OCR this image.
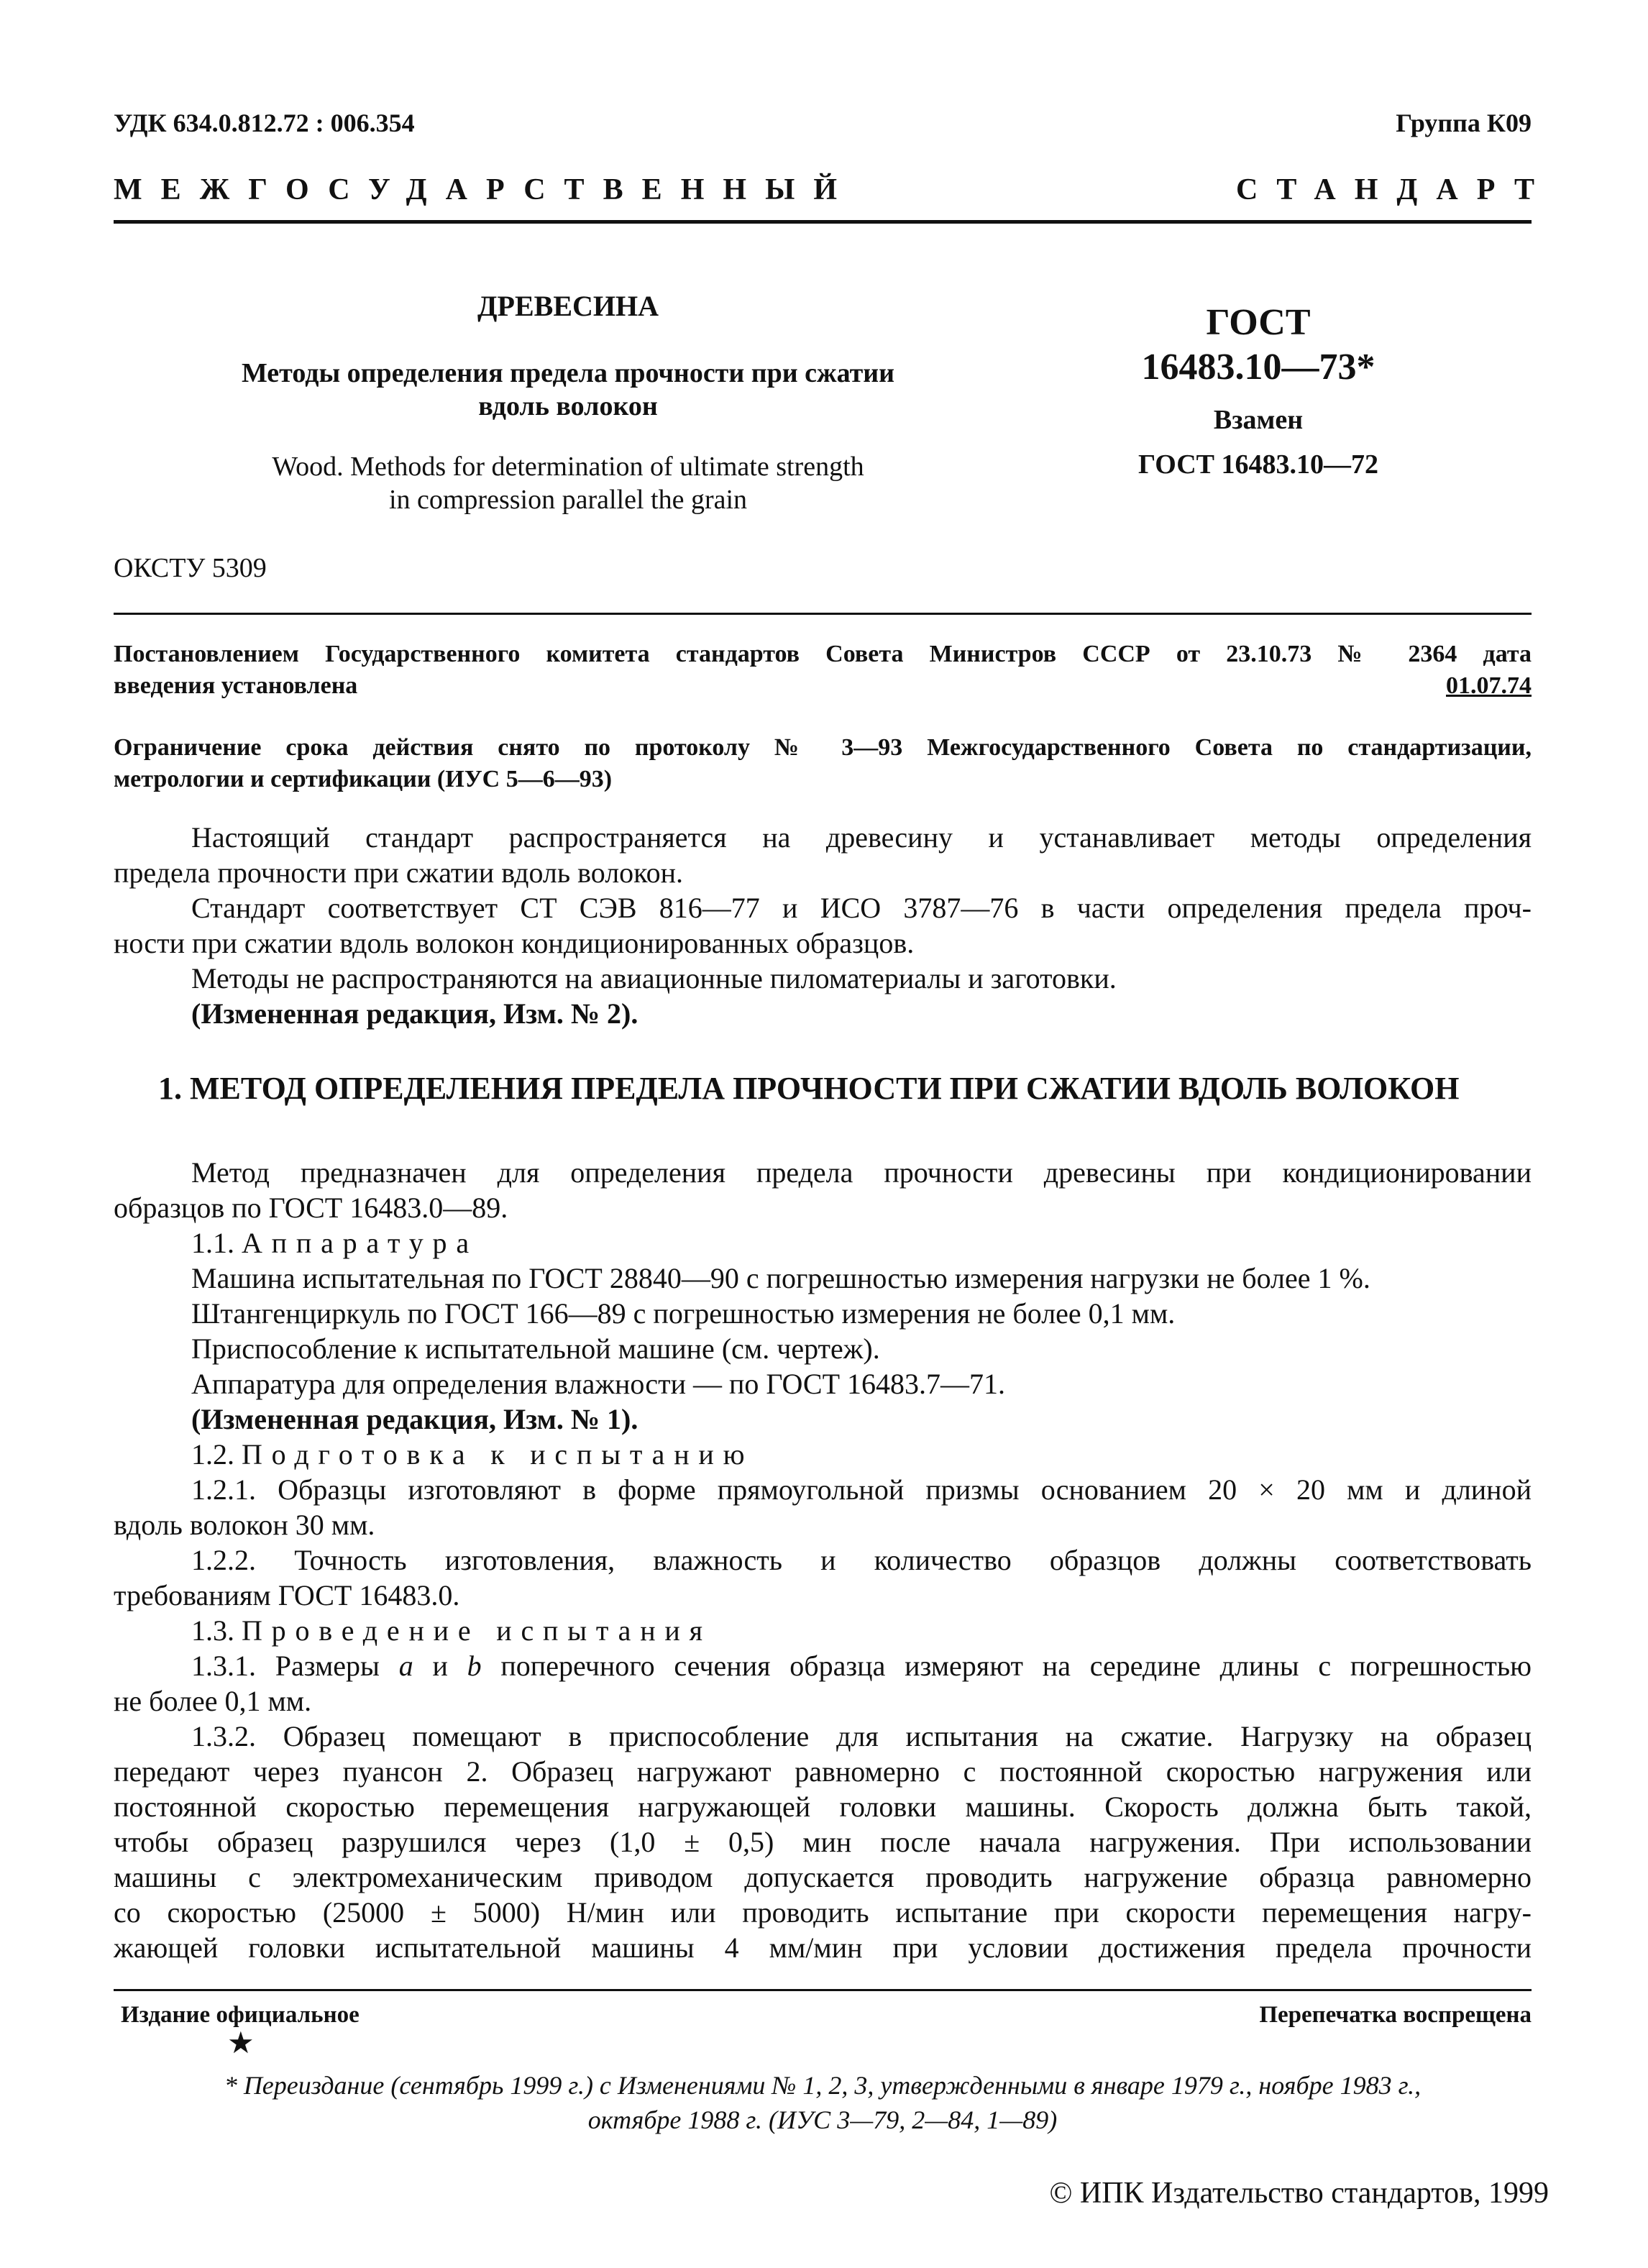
УДК 634.0.812.72 : 006.354	Группа К09
МЕЖГОСУДАРСТВЕННЫЙ	СТАНДАРТ
ДРЕВЕСИНА
Методы определения предела прочности при сжатии
вдоль волокон
Wood. Methods for determination of ultimate strength
in compression parallel the grain
ОКСТУ 5309
ГОСТ
16483.10—73*
Взамен
ГОСТ 16483.10—72
Постановлением Государственного комитета стандартов Совета Министров СССР от 23.10.73 № 2364 дата
введения установлена	01.07.74
Ограничение срока действия снято по протоколу № 3—93 Межгосударственного Совета по стандартизации,
метрологии и сертификации (ИУС 5—6—93)

Настоящий стандарт распространяется на древесину и устанавливает методы определения

предела прочности при сжатии вдоль волокон.

Стандарт соответствует СТ СЭВ 816—77 и ИСО 3787—76 в части определения предела проч-

ности при сжатии вдоль волокон кондиционированных образцов.

Методы не распространяются на авиационные пиломатериалы и заготовки.

(Измененная редакция, Изм. № 2).

1. МЕТОД ОПРЕДЕЛЕНИЯ ПРЕДЕЛА ПРОЧНОСТИ ПРИ СЖАТИИ ВДОЛЬ ВОЛОКОН

Метод предназначен для определения предела прочности древесины при кондиционировании

образцов по ГОСТ 16483.0—89.

1.1. Аппаратура

Машина испытательная по ГОСТ 28840—90 с погрешностью измерения нагрузки не более 1 %.

Штангенциркуль по ГОСТ 166—89 с погрешностью измерения не более 0,1 мм.

Приспособление к испытательной машине (см. чертеж).

Аппаратура для определения влажности — по ГОСТ 16483.7—71.

(Измененная редакция, Изм. № 1).

1.2. Подготовка к испытанию

1.2.1. Образцы изготовляют в форме прямоугольной призмы основанием 20 × 20 мм и длиной

вдоль волокон 30 мм.

1.2.2. Точность изготовления, влажность и количество образцов должны соответствовать

требованиям ГОСТ 16483.0.

1.3. Проведение испытания

1.3.1. Размеры а и b поперечного сечения образца измеряют на середине длины с погрешностью

не более 0,1 мм.

1.3.2. Образец помещают в приспособление для испытания на сжатие. Нагрузку на образец

передают через пуансон 2. Образец нагружают равномерно с постоянной скоростью нагружения или

постоянной скоростью перемещения нагружающей головки машины. Скорость должна быть такой,

чтобы образец разрушился через (1,0 ± 0,5) мин после начала нагружения. При использовании

машины с электромеханическим приводом допускается проводить нагружение образца равномерно

со скоростью (25000 ± 5000) Н/мин или проводить испытание при скорости перемещения нагру-

жающей головки испытательной машины 4 мм/мин при условии достижения предела прочности

Издание официальное	Перепечатка воспрещена
★
* Переиздание (сентябрь 1999 г.) с Изменениями № 1, 2, 3, утвержденными в январе 1979 г., ноябре 1983 г.,
октябре 1988 г. (ИУС 3—79, 2—84, 1—89)
© ИПК Издательство стандартов, 1999
